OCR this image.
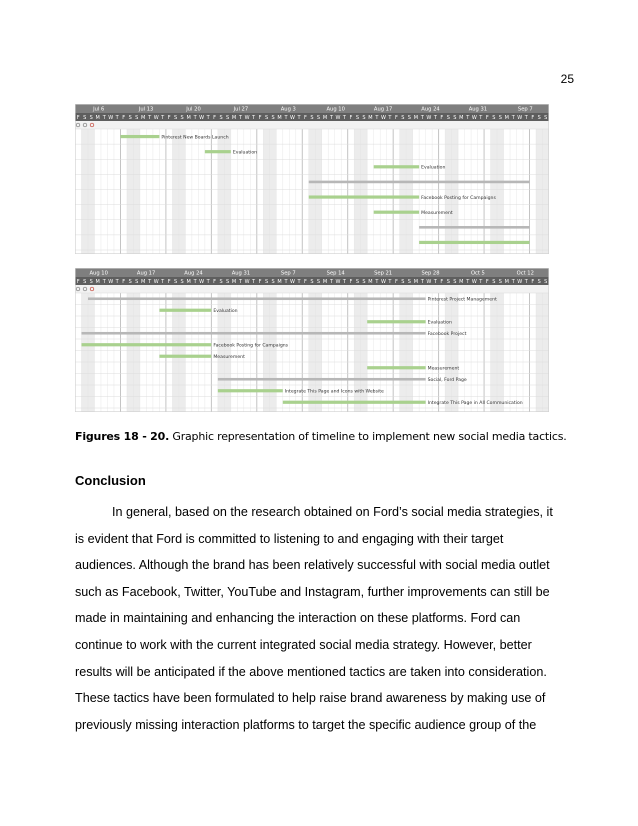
25
F S S M T W T F S S M T W T F S S M T W T F S S M T W T F S S M T W T F S S M T W T F S S M T W T F S S M T W T F S S M T W T F S S M T W T F S S
Jul 6	Jul 13	Jul 20	Jul 27	Aug 3	Aug 10	Aug 17	Aug 24	Aug 31	Sep 7
Pinterest New Boards Launch
Evaluation
Evaluation
Facebook Posting for Campaigns
Measurement
F S S M T W T F S S M T W T F S S M T W T F S S M T W T F S S M T W T F S S M T W T F S S M T W T F S S M T W T F S S M T W T F S S M T W T F S S
Aug 10	Aug 17	Aug 24	Aug 31	Sep 7	Sep 14	Sep 21	Sep 28	Oct 5	Oct 12
Pinterest Project Management
Evaluation
Evaluation
Facebook Project
Facebook Posting for Campaigns
Measurement
Measurement
Social, Ford Page
Integrate This Page and Icons with Website
Integrate This Page in All Communication
Figures 18 - 20. Graphic representation of timeline to implement new social media tactics.
Conclusion
In general, based on the research obtained on Ford’s social media strategies, it
is evident that Ford is committed to listening to and engaging with their target
audiences. Although the brand has been relatively successful with social media outlet
such as Facebook, Twitter, YouTube and Instagram, further improvements can still be
made in maintaining and enhancing the interaction on these platforms. Ford can
continue to work with the current integrated social media strategy. However, better
results will be anticipated if the above mentioned tactics are taken into consideration.
These tactics have been formulated to help raise brand awareness by making use of
previously missing interaction platforms to target the specific audience group of the
